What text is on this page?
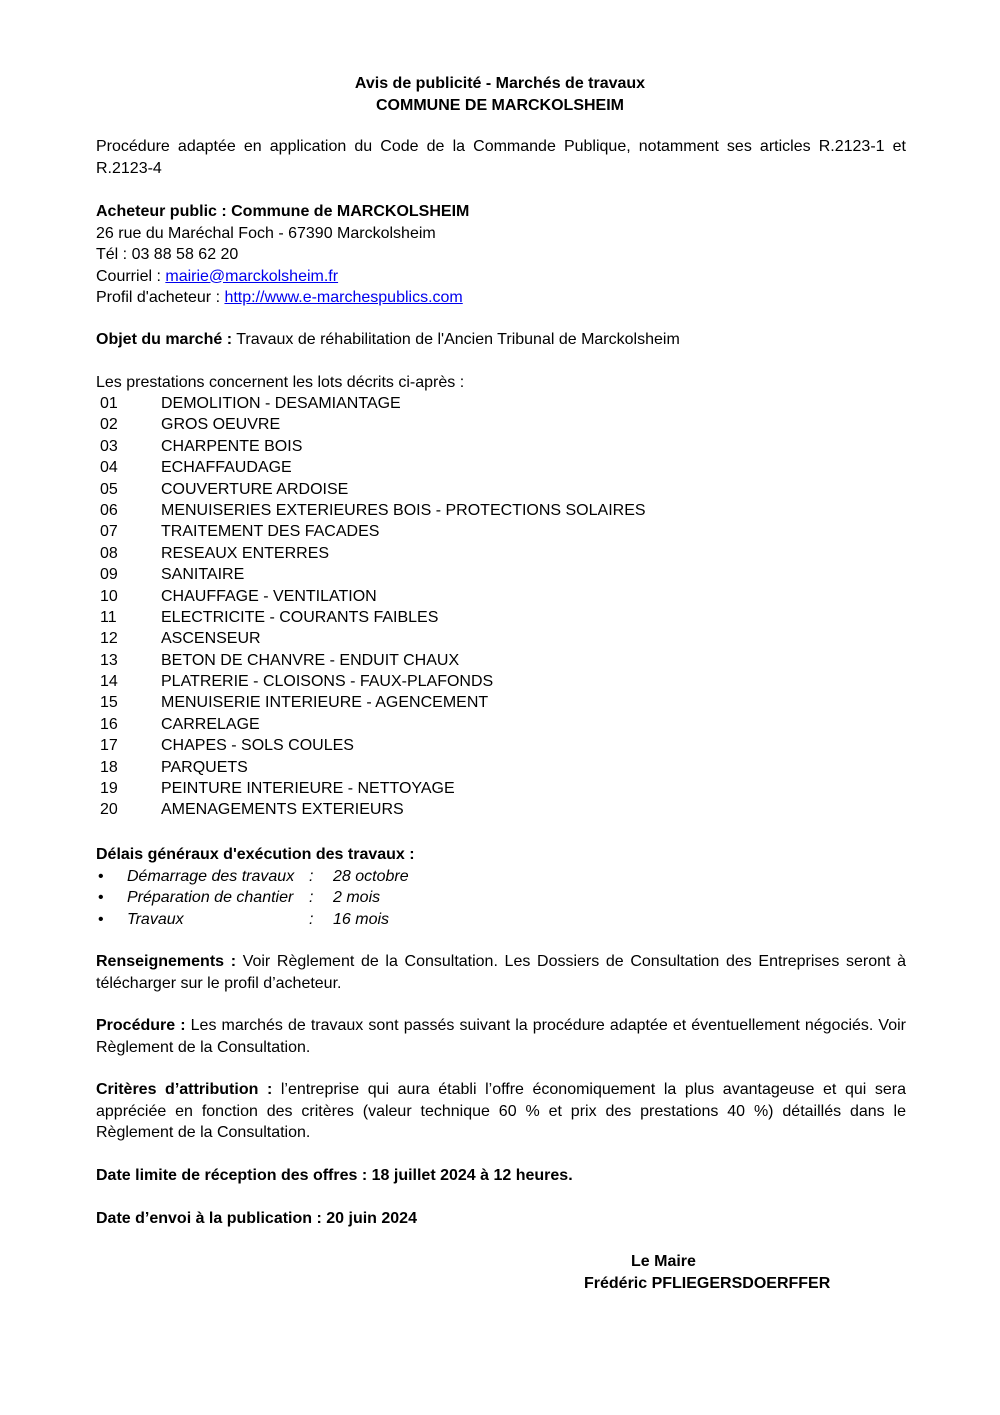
Avis de publicité - Marchés de travaux
COMMUNE DE MARCKOLSHEIM
Procédure adaptée en application du Code de la Commande Publique, notamment ses articles R.2123-1 et R.2123-4
Acheteur public : Commune de MARCKOLSHEIM
26 rue du Maréchal Foch - 67390 Marckolsheim
Tél : 03 88 58 62 20
Courriel : mairie@marckolsheim.fr
Profil d'acheteur : http://www.e-marchespublics.com
Objet du marché : Travaux de réhabilitation de l'Ancien Tribunal de Marckolsheim
Les prestations concernent les lots décrits ci-après :
01	DEMOLITION - DESAMIANTAGE
02	GROS OEUVRE
03	CHARPENTE BOIS
04	ECHAFFAUDAGE
05	COUVERTURE ARDOISE
06	MENUISERIES EXTERIEURES BOIS - PROTECTIONS SOLAIRES
07	TRAITEMENT DES FACADES
08	RESEAUX ENTERRES
09	SANITAIRE
10	CHAUFFAGE - VENTILATION
11	ELECTRICITE - COURANTS FAIBLES
12	ASCENSEUR
13	BETON DE CHANVRE - ENDUIT CHAUX
14	PLATRERIE - CLOISONS - FAUX-PLAFONDS
15	MENUISERIE INTERIEURE - AGENCEMENT
16	CARRELAGE
17	CHAPES - SOLS COULES
18	PARQUETS
19	PEINTURE INTERIEURE - NETTOYAGE
20	AMENAGEMENTS EXTERIEURS
Délais généraux d'exécution des travaux :
• Démarrage des travaux : 28 octobre
• Préparation de chantier : 2 mois
• Travaux	: 16 mois
Renseignements : Voir Règlement de la Consultation. Les Dossiers de Consultation des Entreprises seront à télécharger sur le profil d’acheteur.
Procédure : Les marchés de travaux sont passés suivant la procédure adaptée et éventuellement négociés. Voir Règlement de la Consultation.
Critères d’attribution : l’entreprise qui aura établi l’offre économiquement la plus avantageuse et qui sera appréciée en fonction des critères (valeur technique 60 % et prix des prestations 40 %) détaillés dans le Règlement de la Consultation.
Date limite de réception des offres : 18 juillet 2024 à 12 heures.
Date d’envoi à la publication : 20 juin 2024
Le Maire
Frédéric PFLIEGERSDOERFFER
